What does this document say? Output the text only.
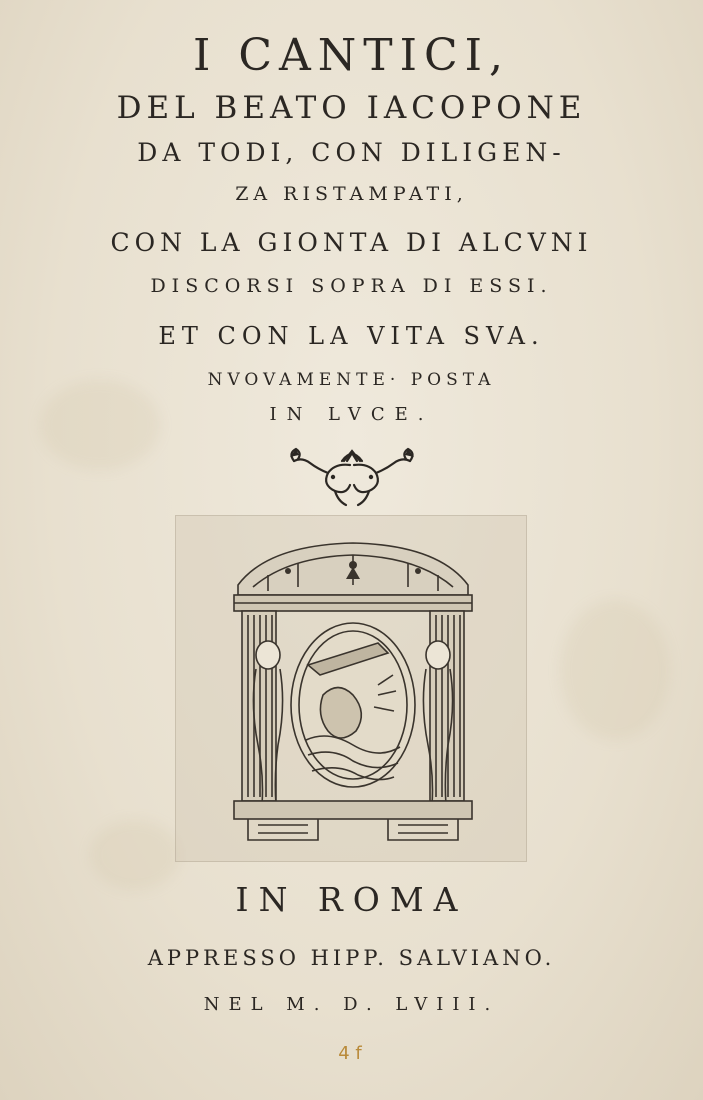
I CANTICI,
DEL BEATO IACOPONE
DA TODI, CON DILIGEN-
ZA RISTAMPATI,
CON LA GIONTA DI ALCVNI
DISCORSI SOPRA DI ESSI.
ET CON LA VITA SVA.
NVOVAMENTE· POSTA
IN LVCE.
IN ROMA
APPRESSO HIPP. SALVIANO.
NEL M. D. LVIII.
4 f
